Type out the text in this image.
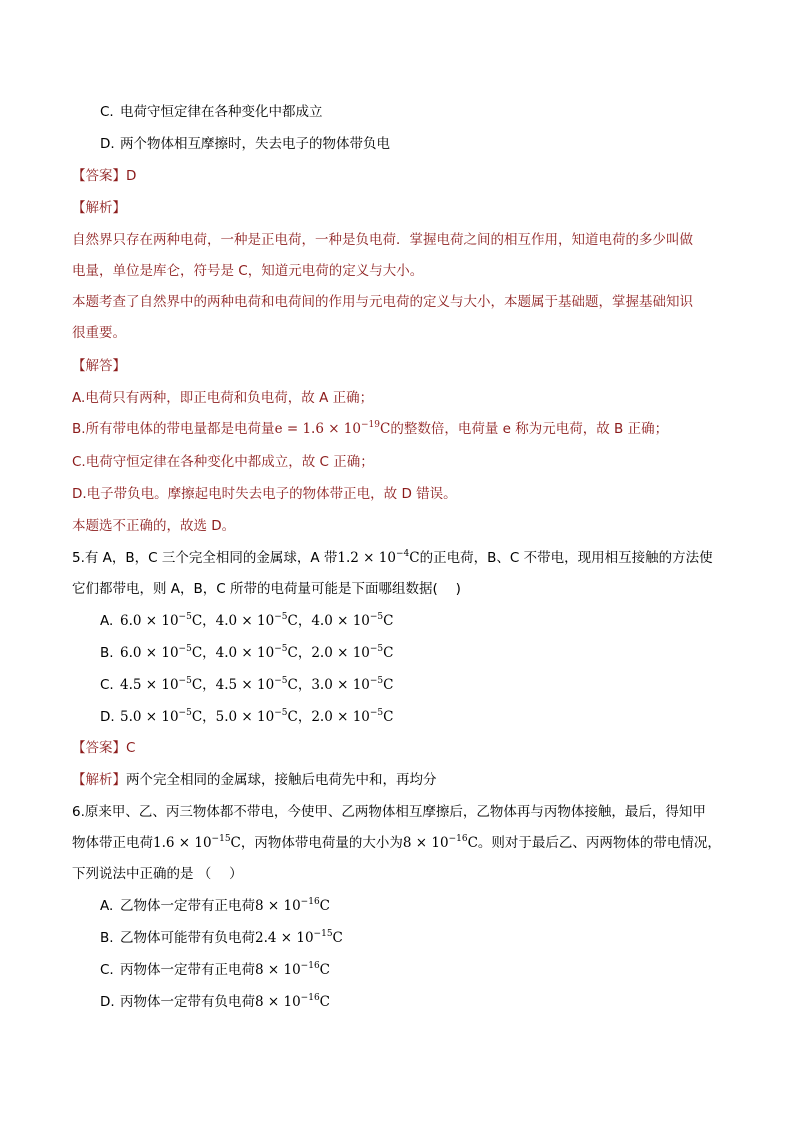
C. 电荷守恒定律在各种变化中都成立
D. 两个物体相互摩擦时，失去电子的物体带负电
【答案】D
【解析】
自然界只存在两种电荷，一种是正电荷，一种是负电荷．掌握电荷之间的相互作用，知道电荷的多少叫做
电量，单位是库仑，符号是 C，知道元电荷的定义与大小。
本题考查了自然界中的两种电荷和电荷间的作用与元电荷的定义与大小，本题属于基础题，掌握基础知识
很重要。
【解答】
A.电荷只有两种，即正电荷和负电荷，故 A 正确；
B.所有带电体的带电量都是电荷量$e = 1.6 \times 10^{-19}C$的整数倍，电荷量 e 称为元电荷，故 B 正确；
C.电荷守恒定律在各种变化中都成立，故 C 正确；
D.电子带负电。摩擦起电时失去电子的物体带正电，故 D 错误。
本题选不正确的，故选 D。
5.有 A，B，C 三个完全相同的金属球，A 带$1.2 \times 10^{-4}C$的正电荷，B、C 不带电，现用相互接触的方法使
它们都带电，则 A，B，C 所带的电荷量可能是下面哪组数据(　 )
A. $6.0 \times 10^{-5}C$，$4.0 \times 10^{-5}C$，$4.0 \times 10^{-5}C$
B. $6.0 \times 10^{-5}C$，$4.0 \times 10^{-5}C$，$2.0 \times 10^{-5}C$
C. $4.5 \times 10^{-5}C$，$4.5 \times 10^{-5}C$，$3.0 \times 10^{-5}C$
D. $5.0 \times 10^{-5}C$，$5.0 \times 10^{-5}C$，$2.0 \times 10^{-5}C$
【答案】C
【解析】两个完全相同的金属球，接触后电荷先中和，再均分
6.原来甲、乙、丙三物体都不带电，今使甲、乙两物体相互摩擦后，乙物体再与丙物体接触，最后，得知甲
物体带正电荷$1.6 \times 10^{-15}C$，丙物体带电荷量的大小为$8 \times 10^{-16}C$。则对于最后乙、丙两物体的带电情况，
下列说法中正确的是 （　 ）
A. 乙物体一定带有正电荷$8 \times 10^{-16}C$
B. 乙物体可能带有负电荷$2.4 \times 10^{-15}C$
C. 丙物体一定带有正电荷$8 \times 10^{-16}C$
D. 丙物体一定带有负电荷$8 \times 10^{-16}C$
